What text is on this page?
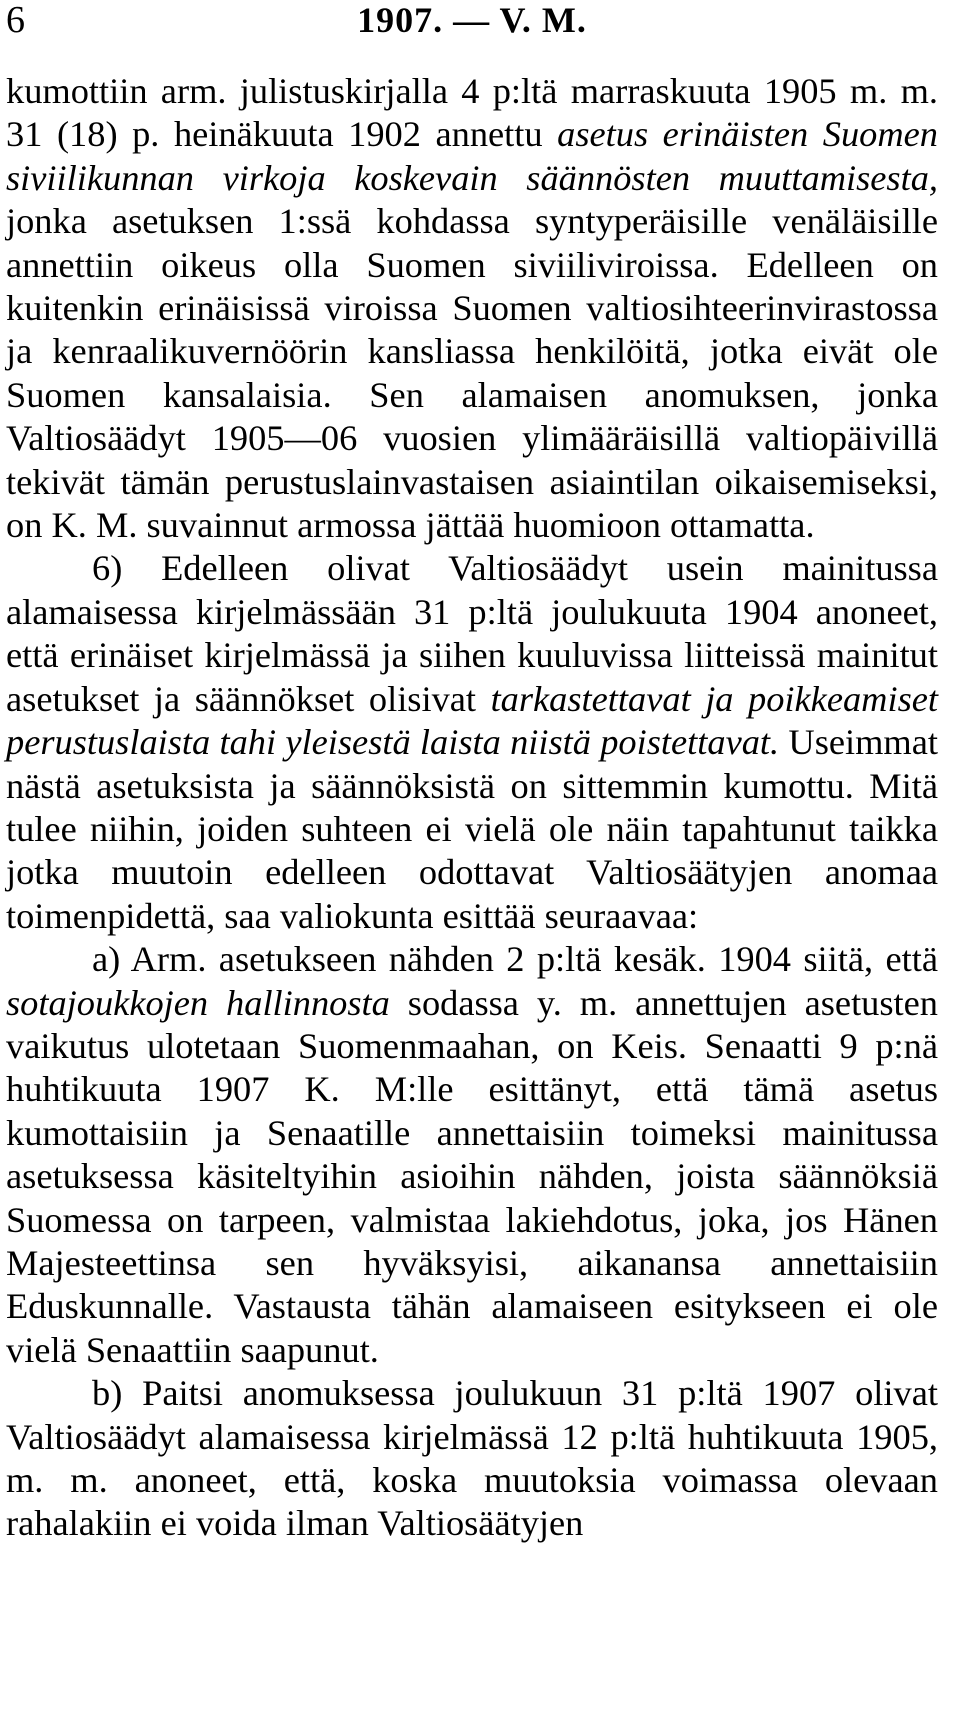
6	1907. — V. M.

kumottiin arm. julistuskirjalla 4 p:ltä marraskuuta 1905 m. m. 31 (18) p. heinäkuuta 1902 annettu asetus erinäisten Suomen siviilikunnan virkoja koskevain säännösten muuttamisesta, jonka asetuksen 1:ssä kohdassa syntyperäisille venäläisille annettiin oikeus olla Suomen siviiliviroissa. Edelleen on kuitenkin erinäisissä viroissa Suomen valtiosihteerinvirastossa ja kenraalikuvernöörin kansliassa henkilöitä, jotka eivät ole Suomen kansalaisia. Sen alamaisen anomuksen, jonka Valtiosäädyt 1905—06 vuosien ylimääräisillä valtiopäivillä tekivät tämän perustuslainvastaisen asiaintilan oikaisemiseksi, on K. M. suvainnut armossa jättää huomioon ottamatta.

6) Edelleen olivat Valtiosäädyt usein mainitussa alamaisessa kirjelmässään 31 p:ltä joulukuuta 1904 anoneet, että erinäiset kirjelmässä ja siihen kuuluvissa liitteissä mainitut asetukset ja säännökset olisivat tarkastettavat ja poikkeamiset perustuslaista tahi yleisestä laista niistä poistettavat. Useimmat nästä asetuksista ja säännöksistä on sittemmin kumottu. Mitä tulee niihin, joiden suhteen ei vielä ole näin tapahtunut taikka jotka muutoin edelleen odottavat Valtiosäätyjen anomaa toimenpidettä, saa valiokunta esittää seuraavaa:

a) Arm. asetukseen nähden 2 p:ltä kesäk. 1904 siitä, että sotajoukkojen hallinnosta sodassa y. m. annettujen asetusten vaikutus ulotetaan Suomenmaahan, on Keis. Senaatti 9 p:nä huhtikuuta 1907 K. M:lle esittänyt, että tämä asetus kumottaisiin ja Senaatille annettaisiin toimeksi mainitussa asetuksessa käsiteltyihin asioihin nähden, joista säännöksiä Suomessa on tarpeen, valmistaa lakiehdotus, joka, jos Hänen Majesteettinsa sen hyväksyisi, aikanansa annettaisiin Eduskunnalle. Vastausta tähän alamaiseen esitykseen ei ole vielä Senaattiin saapunut.

b) Paitsi anomuksessa joulukuun 31 p:ltä 1907 olivat Valtiosäädyt alamaisessa kirjelmässä 12 p:ltä huhtikuuta 1905, m. m. anoneet, että, koska muutoksia voimassa olevaan rahalakiin ei voida ilman Valtiosäätyjen
